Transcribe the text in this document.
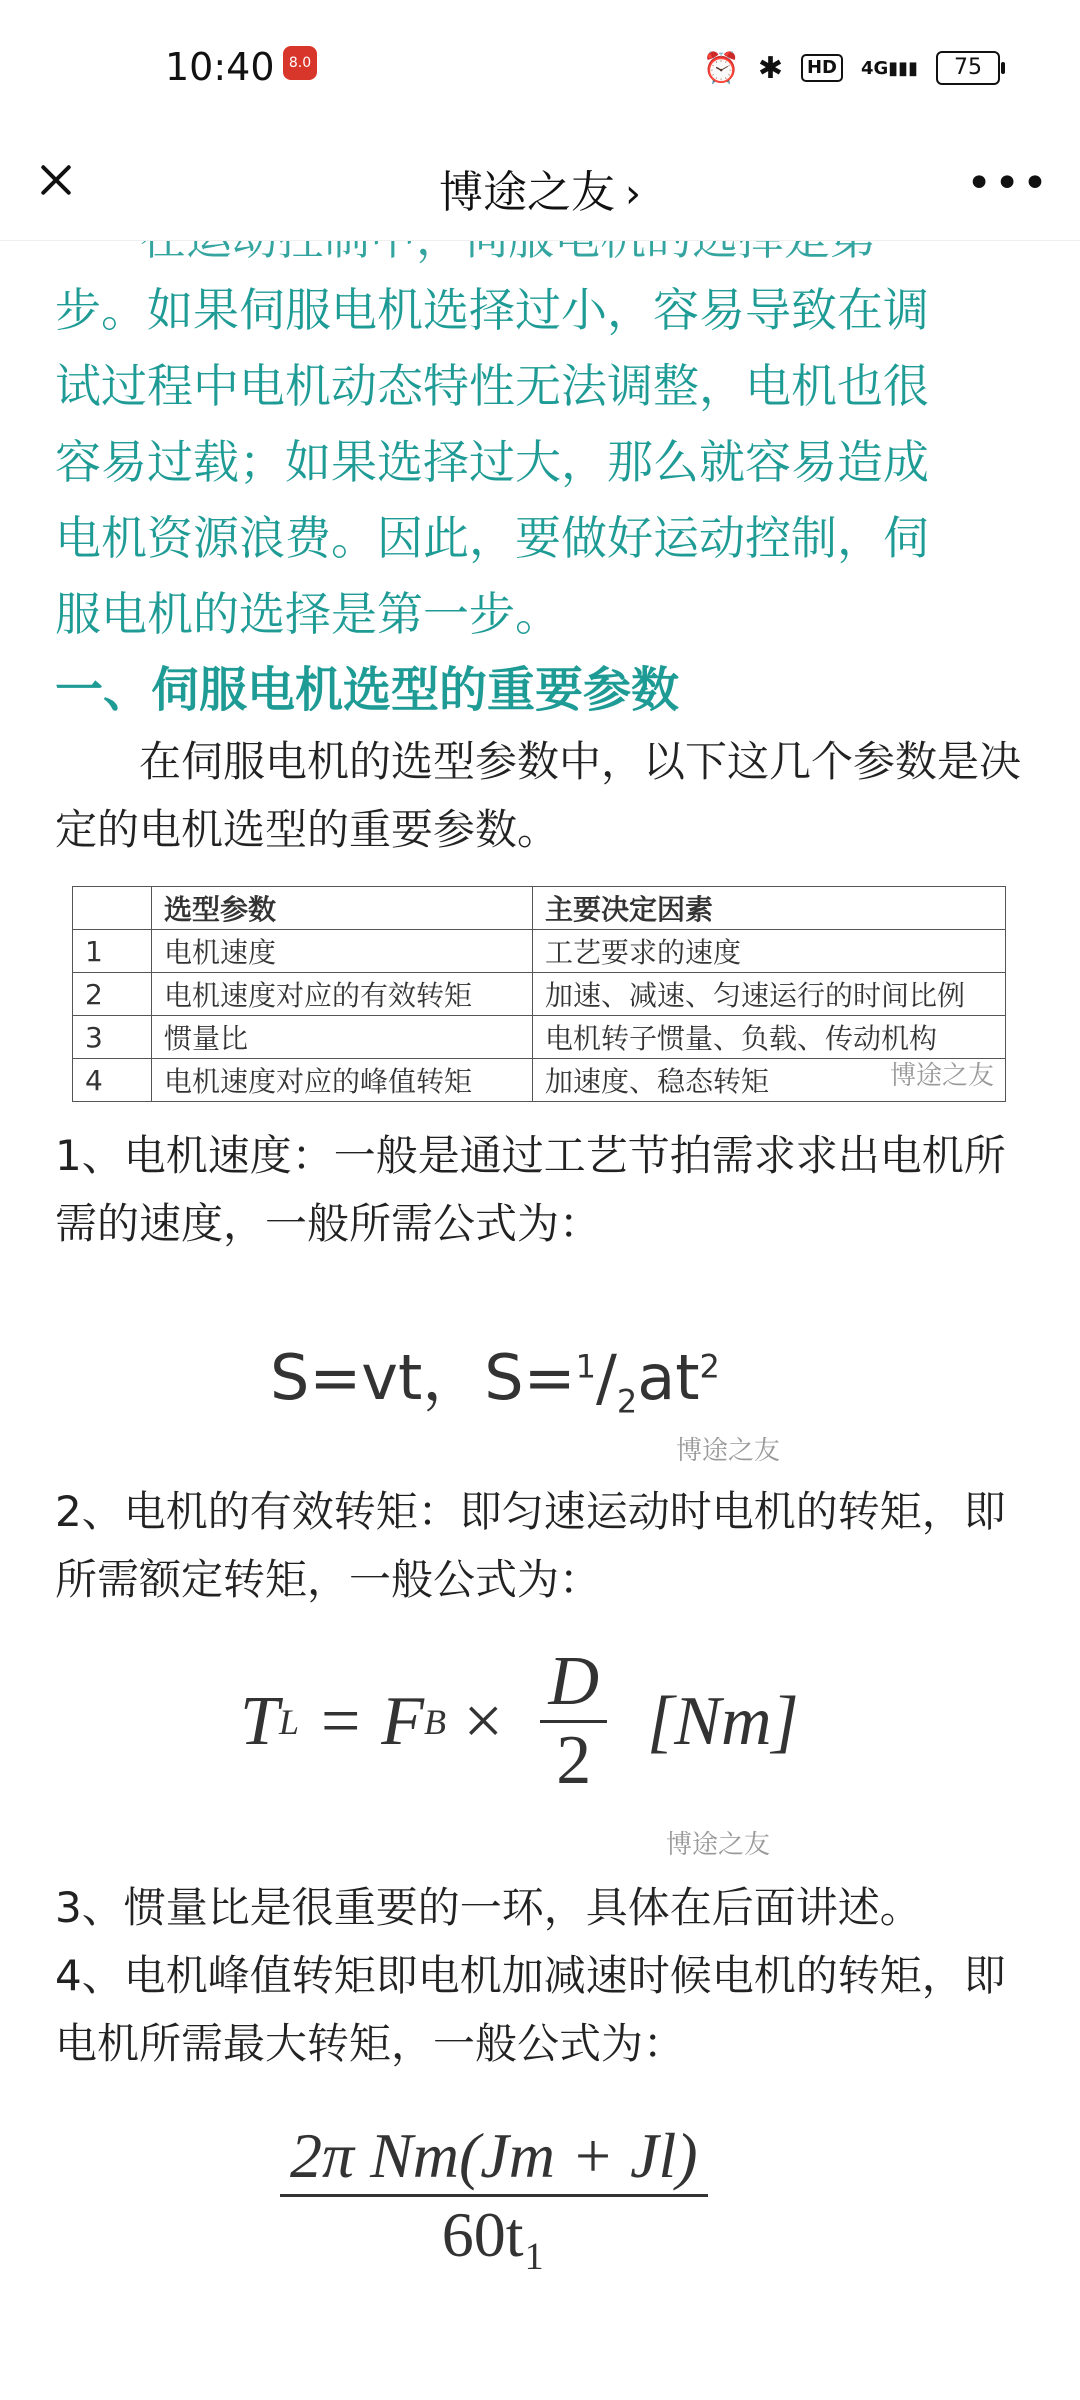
10:40	8.0	⏰ ✱	HD	4G▮▮▮	75
博途之友 ›	•••
步。如果伺服电机选择过小，容易导致在调
试过程中电机动态特性无法调整，电机也很
容易过载；如果选择过大，那么就容易造成
电机资源浪费。因此，要做好运动控制，伺
服电机的选择是第一步。
一、伺服电机选型的重要参数
在伺服电机的选型参数中，以下这几个参数是决定的电机选型的重要参数。
	选型参数	主要决定因素
1	电机速度	工艺要求的速度
2	电机速度对应的有效转矩	加速、减速、匀速运行的时间比例
3	惯量比	电机转子惯量、负载、传动机构
4	电机速度对应的峰值转矩	加速度、稳态转矩	博途之友
1、电机速度：一般是通过工艺节拍需求求出电机所需的速度，一般所需公式为：
S=vt，$S=^1/_2at^2$
博途之友
2、电机的有效转矩：即匀速运动时电机的转矩，即所需额定转矩，一般公式为：
T L = F $B \times \frac{D}{2} [Nm]$
博途之友
3、惯量比是很重要的一环，具体在后面讲述。
4、电机峰值转矩即电机加减速时候电机的转矩，即电机所需最大转矩，一般公式为：
$\frac{\text{2π Nm(Jm + Jl)}}{\text{60t₁}}$
